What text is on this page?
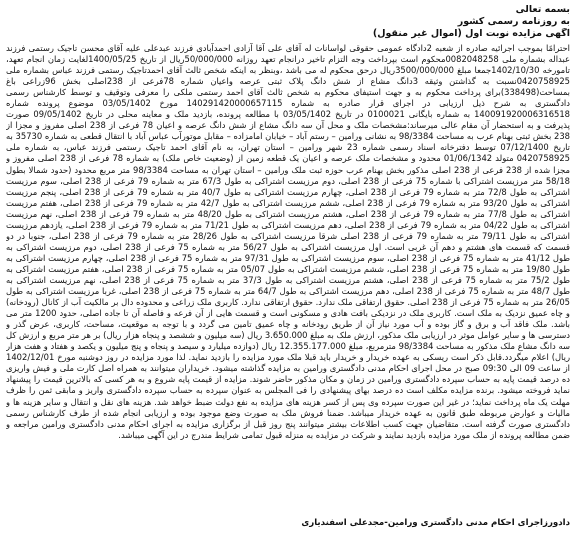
بسمه تعالی
به روزنامه رسمی کشور
آگهی مزایده نوبت اول (اموال غیر منقول)

احترامًا بموجب اجرائیه صادره از شعبه 2دادگاه عمومی حقوقی لواسانات له آقای علی آقا آزادی احمدآبادی فرزند عبدعلی علیه آقای محسن تاجیک رستمی فرزند عبداله بشماره ملی 0082048258محکوم است بپرداخت وجه التزام تاخیر درانجام تعهد روزانه 50/000/000ریال از تاریخ 1400/05/25لغایت زمان انجام تعهد، تامورخه 1402/10/30جمعا مبلغ 3500/000/000ریال درحق محکوم له می باشد ،وبنظر به اینکه شخص ثالث آقای احمدتاجیک رستمی فرزند عباس بشماره ملی 0420758925نسبت به گذاشتن وثیقه 3دانگ مشاع از شش دانگ پلاک ثبتی عرصه واعیان شماره 78فرعی از 238اصلی بخش 96زراعی باغ بمساحت(338498)برای پرداخت محکوم به و جهت استیفای محکوم به شخص ثالث آقای احمد رستمی ملکی را معرفی وتوقیف و توسط کارشناس رسمی دادگستری به شرح ذیل ارزیابی در اجرای قرار صادره به شماره 140291420000657115 مورخ 03/05/1402 موضوع پرونده شماره 140091920006316518 به شماره بایگانی 0100021 در تاریخ 03/05/1402 با مطالعه پرونده، بازدید ملک و معاینه محلی در تاریخ 09/05/1402 صورت پذیرفت و به استحضار آن مقام عالی میرساند:مشخصات ملک و محل آن سه دانگ مشاع از شش دانگ عرصه و اعیان 78 فرعی از 238 اصلی مفروز و مجزا از 238 بخش ثبتی بهنام عرب به مساحت 98/3384 به نشانی ورامین – رستم آباد – خیابان امامزاده – مقابل موتورآب عباس آباد با انتقال قطعی به شماره 35730 به تاریخ 07/12/1400 توسط دفترخانه اسناد رسمی شماره 23 شهر ورامین – استان تهران، به نام آقای احمد تاجیک رستمی فرزند عباس، به شماره ملی 0420758925 متولد 01/06/1342 محدود و مشخصات ملک عرصه و اعیان یک قطعه زمین از (وضعیت خاص ملک) به شماره 78 فرعی از 238 اصلی مفروز و مجزا شده از 238 فرعی از 238 اصلی مذکور بخش بهنام عرب حوزه ثبت ملک ورامین – استان تهران به مساحت 98/3384 متر مربع محدود (حدود شمالا بطول 58/18 متر مرزیست اشتراکی با شماره 75 فرعی از 238 اصلی، دوم مرزیست اشتراکی به طول 67/3 متر به شماره 79 فرعی از 238 اصلی، سوم مرزیست اشتراکی به طول 72/8 متر به شماره 79 فرعی از 238 اصلی، چهارم مرزیست اشتراکی به طول 40/7 متر به شماره 79 فرعی از 238 اصلی، پنجم مرزیست اشتراکی به طول 93/20 متر به شماره 79 فرعی از 238 اصلی، ششم مرزیست اشتراکی به طول 42/7 متر به شماره 79 فرعی از 238 اصلی، هفتم مرزیست اشتراکی به طول 77/8 متر به شماره 79 فرعی از 238 اصلی، هشتم مرزیست اشتراکی به طول 48/20 متر به شماره 79 فرعی از 238 اصلی، نهم مرزیست اشتراکی به طول 04/22 متر به شماره 79 فرعی از 238 اصلی، دهم مرزیست اشتراکی به طول 71/21 متر به شماره 79 فرعی از 238 اصلی، یازدهم مرزیست اشتراکی به طول 79/11 متر به شماره 79 فرعی از 238 اصلی شرقا مرزیست اشتراکی به طول 28/26 متر به شماره 79 فرعی از 238 اصلی، جنوبا در دو قسمت که قسمت های هشتم و دهم آن غربی است. اول مرزیست اشتراکی به طول 56/27 متر به شماره 75 فرعی از 238 اصلی، دوم مرزیست اشتراکی به طول 41/12 متر به شماره 75 فرعی از 238 اصلی، سوم مرزیست اشتراکی به طول 97/31 متر به شماره 75 فرعی از 238 اصلی، چهارم مرزیست اشتراکی به طول 19/80 متر به شماره 75 فرعی از 238 اصلی، ششم مرزیست اشتراکی به طول 05/07 متر به شماره 75 فرعی از 238 اصلی، هفتم مرزیست اشتراکی به طول 75/2 متر به شماره 75 فرعی از 238 اصلی، هشتم مرزیست اشتراکی به طول 37/3 متر به شماره 75 فرعی از 238 اصلی، نهم مرزیست اشتراکی به طول 48/7 متر به شماره 75 فرعی از 238 اصلی، دهم مرزیست اشتراکی به طول 64/7 متر به شماره 75 فرعی از 238 اصلی، غربا مرزیست اشتراکی به طول 26/05 متر به شماره 75 فرعی از 238 اصلی. حقوق ارتفاقی ملک ندارد. حقوق ارتفاقی ندارد. کاربری ملک زراعی و محدوده دال بر مالکیت آب از کانال (رودخانه) و چاه عمیق نزدیک به ملک است. کاربری ملک در نزدیکی بافت هادی و مسکونی است و قسمت هایی از آن فرعه و فاصله آن تا جاده اصلی، حدود 1200 متر می باشد. ملک فاقد آب و برق و گاز بوده و آب مورد نیاز آن از طریق رودخانه و چاه عمیق تامین می گردد و با توجه به موقعیت، مساحت، کاربری، عرض گذر و دسترسی ها و سایر عوامل موثر در ارزیابی ملک مذکور، ارزش ملک به مبلغ 3.650.000 ریال (سه میلیون و ششصد و پنجاه هزار ریال) بر هر متر مربع و ارزش کل سه دانگ مشاع ملک مذکور به مساحت 98/3384 مترمربع، مبلغ 12.355.177.000 ریال (دوازده میلیارد و سیصد و پنجاه و پنج میلیون و یکصد و هفتاد و هفت هزار ریال) اعلام میگردد.قابل ذکر است ریسکی به عهده خریدار و خریدار باید قبلا ملک مورد مزایده را بازدید نماید. لذا مورد مزایده در روز دوشنبه مورخ 1402/12/01 از ساعت 09 الی 09:30 صبح در محل اجرای احکام مدنی دادگستری ورامین به مزایده گذاشته میشود. خریداران میتوانند به همراه اصل کارت ملی و فیش واریزی ده درصد قیمت پایه به حساب سپرده دادگستری ورامین در زمان و مکان مذکور حاضر شوند. مزایده از قیمت پایه شروع و به هر کسی که بالاترین قیمت را پیشنهاد نماید فروخته میشود. برنده مزایده مکلف است ده درصد بهای پیشنهادی را فی المجلس به عنوان سپرده به حساب سپرده دادگستری واریز و مابقی ثمن را ظرف مهلت یک ماه پرداخت نماید؛ در غیر این صورت سپرده وی پس از کسر هزینه های مزایده به نفع دولت ضبط خواهد شد. هزینه های نقل و انتقال و سایر هزینه ها و مالیات و عوارض مربوطه طبق قانون به عهده خریدار میباشد. ضمنا فروش ملک به صورت وضع موجود بوده و ارزیابی انجام شده از طرف کارشناس رسمی دادگستری صورت گرفته است. متقاضیان جهت کسب اطلاعات بیشتر میتوانند پنج روز قبل از برگزاری مزایده به اجرای احکام مدنی دادگستری ورامین مراجعه و ضمن مطالعه پرونده از ملک مورد مزایده بازدید نمایند و شرکت در مزایده به منزله قبول تمامی شرایط مندرج در این آگهی میباشد.

دادورزاجرای احکام مدنی دادگستری ورامین-مجدعلی اسفندیاری
